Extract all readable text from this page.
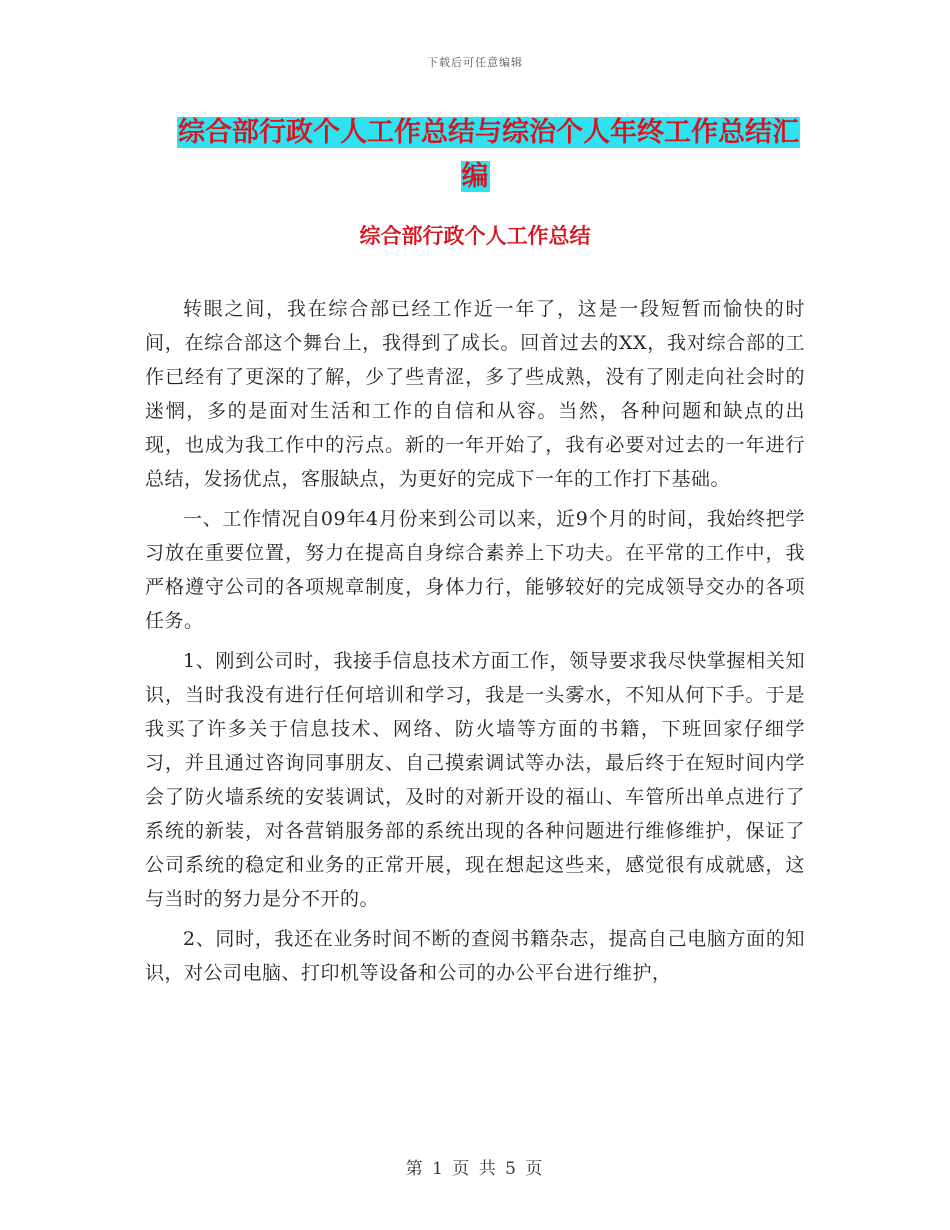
下载后可任意编辑
综合部行政个人工作总结与综治个人年终工作总结汇
编
综合部行政个人工作总结

转眼之间，我在综合部已经工作近一年了，这是一段短暂而愉快的时间，在综合部这个舞台上，我得到了成长。回首过去的XX，我对综合部的工作已经有了更深的了解，少了些青涩，多了些成熟，没有了刚走向社会时的迷惘，多的是面对生活和工作的自信和从容。当然，各种问题和缺点的出现，也成为我工作中的污点。新的一年开始了，我有必要对过去的一年进行总结，发扬优点，客服缺点，为更好的完成下一年的工作打下基础。

一、工作情况自09年4月份来到公司以来，近9个月的时间，我始终把学习放在重要位置，努力在提高自身综合素养上下功夫。在平常的工作中，我严格遵守公司的各项规章制度，身体力行，能够较好的完成领导交办的各项任务。

1、刚到公司时，我接手信息技术方面工作，领导要求我尽快掌握相关知识，当时我没有进行任何培训和学习，我是一头雾水，不知从何下手。于是我买了许多关于信息技术、网络、防火墙等方面的书籍，下班回家仔细学习，并且通过咨询同事朋友、自己摸索调试等办法，最后终于在短时间内学会了防火墙系统的安装调试，及时的对新开设的福山、车管所出单点进行了系统的新装，对各营销服务部的系统出现的各种问题进行维修维护，保证了公司系统的稳定和业务的正常开展，现在想起这些来，感觉很有成就感，这与当时的努力是分不开的。

2、同时，我还在业务时间不断的查阅书籍杂志，提高自己电脑方面的知识，对公司电脑、打印机等设备和公司的办公平台进行维护，

第 1 页 共 5 页
